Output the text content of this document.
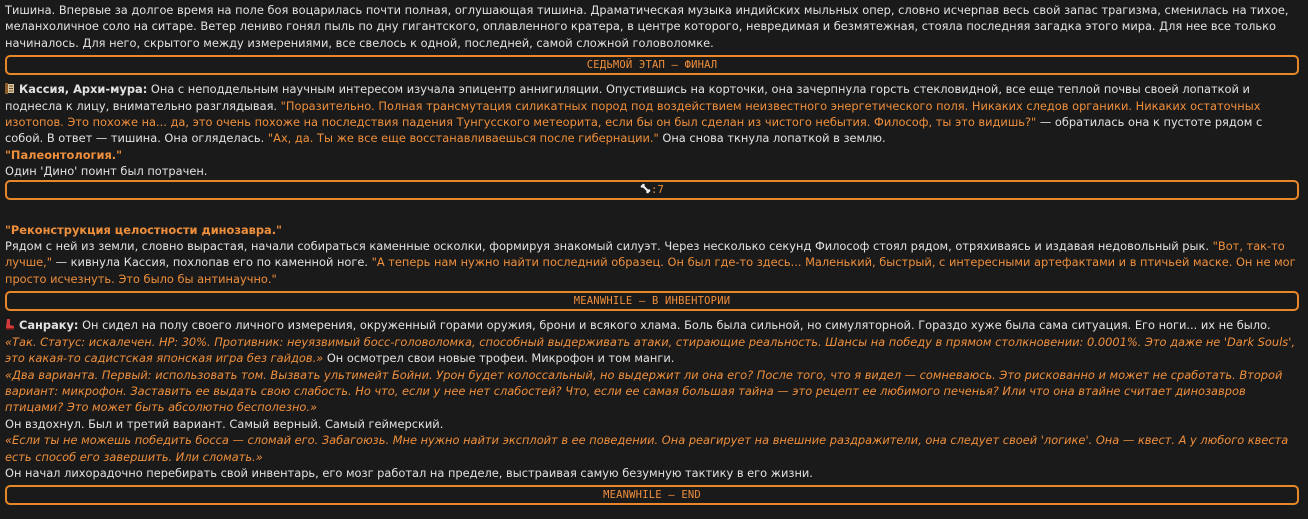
Тишина. Впервые за долгое время на поле боя воцарилась почти полная, оглушающая тишина. Драматическая музыка индийских мыльных опер, словно исчерпав весь свой запас трагизма, сменилась на тихое, меланхоличное соло на ситаре. Ветер лениво гонял пыль по дну гигантского, оплавленного кратера, в центре которого, невредимая и безмятежная, стояла последняя загадка этого мира. Для нее все только начиналось. Для него, скрытого между измерениями, все свелось к одной, последней, самой сложной головоломке.

СЕДЬМОЙ ЭТАП — ФИНАЛ

Кассия, Архи-мура: Она с неподдельным научным интересом изучала эпицентр аннигиляции. Опустившись на корточки, она зачерпнула горсть стекловидной, все еще теплой почвы своей лопаткой и поднесла к лицу, внимательно разглядывая. "Поразительно. Полная трансмутация силикатных пород под воздействием неизвестного энергетического поля. Никаких следов органики. Никаких остаточных изотопов. Это похоже на... да, это очень похоже на последствия падения Тунгусского метеорита, если бы он был сделан из чистого небытия. Философ, ты это видишь?" — обратилась она к пустоте рядом с собой. В ответ — тишина. Она огляделась. "Ах, да. Ты же все еще восстанавливаешься после гибернации." Она снова ткнула лопаткой в землю.

"Палеонтология."

Один 'Дино' поинт был потрачен.

:7

"Реконструкция целостности динозавра."

Рядом с ней из земли, словно вырастая, начали собираться каменные осколки, формируя знакомый силуэт. Через несколько секунд Философ стоял рядом, отряхиваясь и издавая недовольный рык. "Вот, так-то лучше," — кивнула Кассия, похлопав его по каменной ноге. "А теперь нам нужно найти последний образец. Он был где-то здесь... Маленький, быстрый, с интересными артефактами и в птичьей маске. Он не мог просто исчезнуть. Это было бы антинаучно."

MEANWHILE — В ИНВЕНТОРИИ

Санраку: Он сидел на полу своего личного измерения, окруженный горами оружия, брони и всякого хлама. Боль была сильной, но симуляторной. Гораздо хуже была сама ситуация. Его ноги... их не было. «Так. Статус: искалечен. HP: 30%. Противник: неуязвимый босс-головоломка, способный выдерживать атаки, стирающие реальность. Шансы на победу в прямом столкновении: 0.0001%. Это даже не 'Dark Souls', это какая-то садистская японская игра без гайдов.» Он осмотрел свои новые трофеи. Микрофон и том манги.

«Два варианта. Первый: использовать том. Вызвать ультимейт Бойни. Урон будет колоссальный, но выдержит ли она его? После того, что я видел — сомневаюсь. Это рискованно и может не сработать. Второй вариант: микрофон. Заставить ее выдать свою слабость. Но что, если у нее нет слабостей? Что, если ее самая большая тайна — это рецепт ее любимого печенья? Или что она втайне считает динозавров птицами? Это может быть абсолютно бесполезно.»

Он вздохнул. Был и третий вариант. Самый верный. Самый геймерский.

«Если ты не можешь победить босса — сломай его. Забагоюзь. Мне нужно найти эксплойт в ее поведении. Она реагирует на внешние раздражители, она следует своей 'логике'. Она — квест. А у любого квеста есть способ его завершить. Или сломать.»

Он начал лихорадочно перебирать свой инвентарь, его мозг работал на пределе, выстраивая самую безумную тактику в его жизни.

MEANWHILE — END
